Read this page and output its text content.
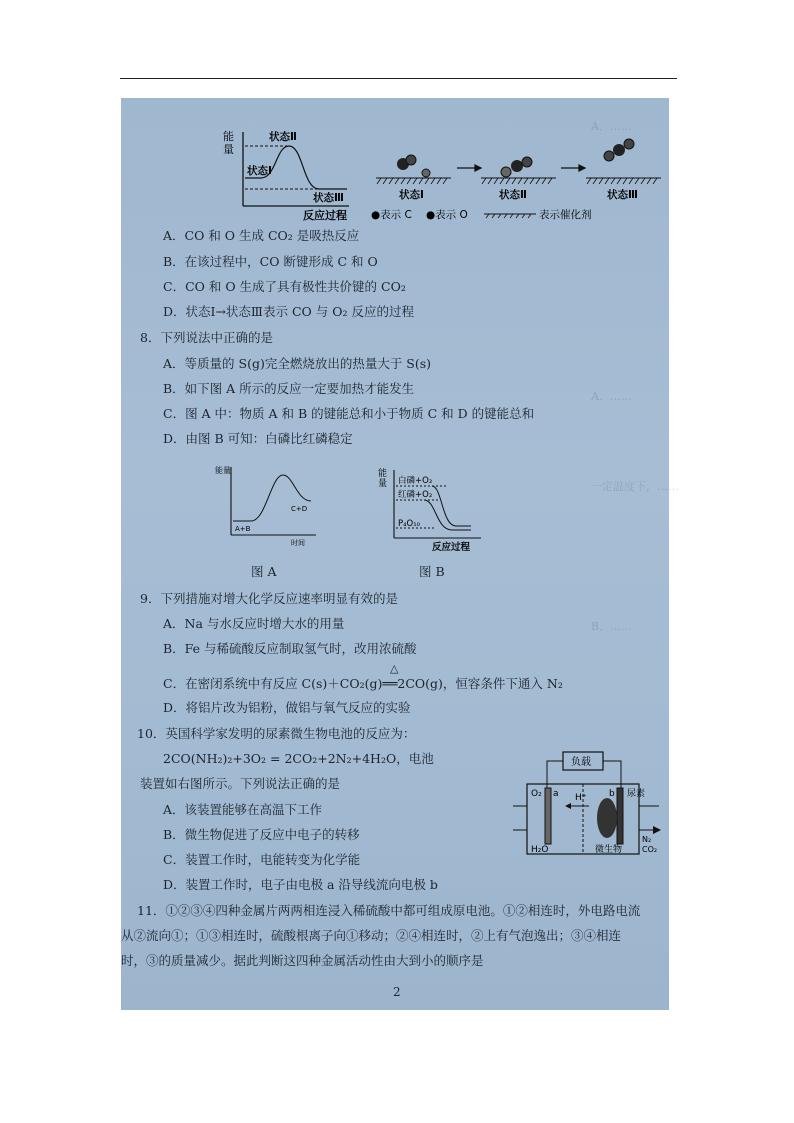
A．……　　　　　
A．……
一定温度下，……
B．……
能
量
状态Ⅱ
状态Ⅰ
状态Ⅲ
反应过程
状态Ⅰ	状态Ⅱ	状态Ⅲ
●表示 C ●表示 O	表示催化剂
A．CO 和 O 生成 CO₂ 是吸热反应
B．在该过程中，CO 断键形成 C 和 O
C．CO 和 O 生成了具有极性共价键的 CO₂
D．状态Ⅰ→状态Ⅲ表示 CO 与 O₂ 反应的过程
8．下列说法中正确的是
A．等质量的 S(g)完全燃烧放出的热量大于 S(s)
B．如下图 A 所示的反应一定要加热才能发生
C．图 A 中：物质 A 和 B 的键能总和小于物质 C 和 D 的键能总和
D．由图 B 可知：白磷比红磷稳定
能量
A+B
C+D
时间
图 A
能
量 白磷+O₂
红磷+O₂
P₄O₁₀
反应过程
图 B
9．下列措施对增大化学反应速率明显有效的是
A．Na 与水反应时增大水的用量
B．Fe 与稀硫酸反应制取氢气时，改用浓硫酸
C．在密闭系统中有反应 C(s)＋CO₂(g)══2CO(g)，恒容条件下通入 N₂
△
D．将铝片改为铝粉，做铝与氧气反应的实验
10．英国科学家发明的尿素微生物电池的反应为：
2CO(NH₂)₂+3O₂ = 2CO₂+2N₂+4H₂O，电池
装置如右图所示。下列说法正确的是
A．该装置能够在高温下工作
B．微生物促进了反应中电子的转移
C．装置工作时，电能转变为化学能
D．装置工作时，电子由电极 a 沿导线流向电极 b
负载
O₂ a	b
H⁺	尿素
H₂O	微生物
N₂
CO₂
11．①②③④四种金属片两两相连浸入稀硫酸中都可组成原电池。①②相连时，外电路电流
从②流向①；①③相连时，硫酸根离子向①移动；②④相连时，②上有气泡逸出；③④相连
时，③的质量减少。据此判断这四种金属活动性由大到小的顺序是
2
